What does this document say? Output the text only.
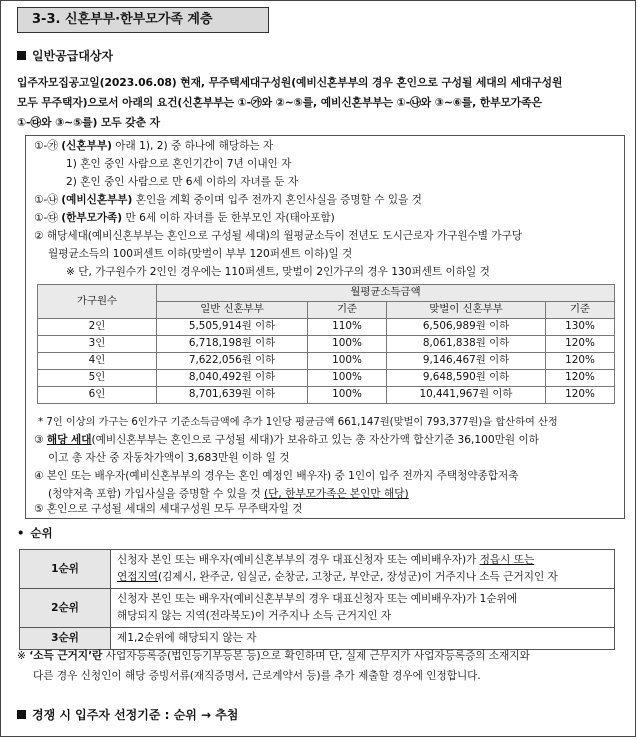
3-3. 신혼부부·한부모가족 계층
일반공급대상자
입주자모집공고일(2023.06.08) 현재, 무주택세대구성원(예비신혼부부의 경우 혼인으로 구성될 세대의 세대구성원
모두 무주택자)으로서 아래의 요건(신혼부부는 ①-㉮와 ②~⑤를, 예비신혼부부는 ①-㉯와 ③~⑥를, 한부모가족은
①-㉰와 ③~⑤를) 모두 갖춘 자
①-㉮ (신혼부부) 아래 1), 2) 중 하나에 해당하는 자
1) 혼인 중인 사람으로 혼인기간이 7년 이내인 자
2) 혼인 중인 사람으로 만 6세 이하의 자녀를 둔 자
①-㉯ (예비신혼부부) 혼인을 계획 중이며 입주 전까지 혼인사실을 증명할 수 있을 것
①-㉰ (한부모가족) 만 6세 이하 자녀를 둔 한부모인 자(태아포함)
② 해당세대(예비신혼부부는 혼인으로 구성될 세대)의 월평균소득이 전년도 도시근로자 가구원수별 가구당
월평균소득의 100퍼센트 이하(맞벌이 부부 120퍼센트 이하)일 것
※ 단, 가구원수가 2인인 경우에는 110퍼센트, 맞벌이 2인가구의 경우 130퍼센트 이하일 것
* 7인 이상의 가구는 6인가구 기준소득금액에 추가 1인당 평균금액 661,147원(맞벌이 793,377원)을 합산하여 산정
③ 해당 세대(예비신혼부부는 혼인으로 구성될 세대)가 보유하고 있는 총 자산가액 합산기준 36,100만원 이하
이고 총 자산 중 자동차가액이 3,683만원 이하 일 것
④ 본인 또는 배우자(예비신혼부부의 경우는 혼인 예정인 배우자) 중 1인이 입주 전까지 주택청약종합저축
(청약저축 포함) 가입사실을 증명할 수 있을 것 (단, 한부모가족은 본인만 해당)
⑤ 혼인으로 구성될 세대의 세대구성원 모두 무주택자일 것
가구원수	월평균소득금액			
	일반 신혼부부	기준	맞벌이 신혼부부	기준
2인	5,505,914원 이하	110%	6,506,989원 이하	130%
3인	6,718,198원 이하	100%	8,061,838원 이하	120%
4인	7,622,056원 이하	100%	9,146,467원 이하	120%
5인	8,040,492원 이하	100%	9,648,590원 이하	120%
6인	8,701,639원 이하	100%	10,441,967원 이하	120%
• 순위
1순위	신청자 본인 또는 배우자(예비신혼부부의 경우 대표신청자 또는 예비배우자)가 정읍시 또는
연접지역(김제시, 완주군, 임실군, 순창군, 고창군, 부안군, 장성군)이 거주지나 소득 근거지인 자

2순위	신청자 본인 또는 배우자(예비신혼부부의 경우 대표신청자 또는 예비배우자)가 1순위에
해당되지 않는 지역(전라북도)이 거주지나 소득 근거지인 자

3순위	제1,2순위에 해당되지 않는 자
※ ‘소득 근거지’란 사업자등록증(법인등기부등본 등)으로 확인하며 단, 실제 근무지가 사업자등록증의 소재지와
다른 경우 신청인이 해당 증빙서류(재직증명서, 근로계약서 등)를 추가 제출할 경우에 인정합니다.
경쟁 시 입주자 선정기준 : 순위 → 추첨
